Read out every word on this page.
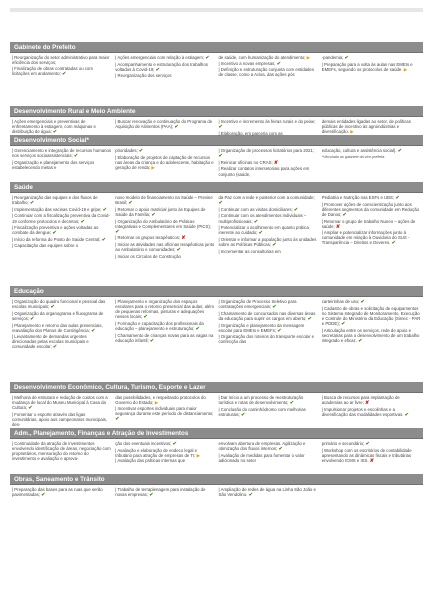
Gabinete do Prefeito

| Reorganização do setor administrativo para maior eficiência dos serviços;

| Finalização de obras contratadas ou com licitações em andamento; ✔

| Ações emergenciais com relação à estiagem; ✔

| Acompanhamento e estruturação dos trabalhos voltados à Covid-19; ✔

| Reorganização dos serviços

de saúde, com humanização do atendimento; ▶

| Incentivo a novas empresas; ✔

| Definição e estruturação conjunta com entidades de classe, como a Acisa, das ações pós

-pandemia; ✔

| Preparação para a volta às aulas nas EMEIs e EMEFs, seguindo os protocolos de saúde. ▶

Desenvolvimento Rural e Meio Ambiente

| Ações emergenciais e preventivas de enfrentamento à estiagem, com máquinas e distribuição de água; ✔

| Buscar renovação e continuação do Programa de Aquisição de Alimentos (PAA); ✔

| Incentivo e incremento às feiras rurais e do peixe; ✔

| Elaboração, em parceria com as

demais entidades ligadas ao setor, de políticas públicas de incentivo às agroindústrias e diversificação. ▶

Desenvolvimento Social*

| Gerenciamento e integração de recursos humanos nos serviços socioassistenciais; ✔

| Organização e planejamento dos serviços estabelecendo metas e

prioridades; ✔

| Elaboração de projetos de captação de recursos nas áreas da criança e do adolescente, habitação e geração de renda; ▶

| Organização de processos licitatórios para 2021; ✔

| Reinicar oficinas no CRAS; ✘

| Realizar contatos intersetoriais para ações em conjunto (saúde,

educação, cultura e assistência social). ✔

*Vinculada ao gabinete da vice-prefeita.

Saúde

| Reorganização das equipes e dos fluxos de trabalho; ✔

| Implementação das vacinas Covid-19 e gripe; ✔

| Continuar com a fiscalização preventiva da Covid-19 conforme protocolos e decretos; ✔

| Fiscalização preventiva e ações voltadas ao combate da dengue; ✔

| Início da reforma do Posto de Saúde Central; ✔

| Capacitação das equipes sobre o

novo modelo de financiamento na Saúde – Previne Brasil; ✔

| Retomar o apoio matricial junto às Equipes de Saúde da Família; ✔

| Organização do Ambulatório de Práticas Integrativas e Complementares em Saúde (PICS); ✔

| Retornar os grupos terapêuticos; ✘

| Iniciar as atividades nas oficinas terapêuticas junto ao Ambulatório e comunidades; ✔

| Iniciar os Círculos de Construção

da Paz com a rede e posterior com a comunidade; ✔

| Continuar com as visitas domiciliares; ✔

| Continuar com os atendimentos individuais – multiprofissionais; ✔

| Potencializar o acolhimento em quanto prática inerente ao cuidado; ✔

| Orientar e informar a população junto às unidades sobre as Políticas Públicas; ✔

| Incrementar as consultorias em

Pediatria e Nutrição nas ESFs e UBS; ✔

| Promover ações de conscientização junto aos diferentes segmentos da comunidade em Redução de Danos; ✔

| Retornar o grupo de trabalho Nuneo – ações de saúde; ✘

| Ampliar e potencializar informações junto à comunidade em relação à Ouvidoria do SUS - Transparência – Direitos e Deveres. ✔

Educação

| Organização do quadro funcional e pessoal das escolas municipais; ✔

| Organização da organograma e fluxograma de serviços; ✔

| Planejamento e retorno das aulas presenciais, reavaliação dos Planos de Contingência; ✔

| Levantamento de demandas urgentes direcionadas pelas escolas municipais e comunidade escolar; ✔

| Planejamento e organização dos espaços escolares para o retorno presencial das aulas; além de pequenas reformas, pinturas e adequações nesses locais; ✔

| Formação e capacitação dos profissionais da educação – planejamento e estruturação; ✔

| Chamamento de crianças novas para as vagas na educação infantil; ✔

| Organização de Processo Seletivo para contratações emergenciais; ✔

| Chamamento de concursados nas diversas áreas da educação para suprir os cargos em aberto; ✔

| Organização e planejamento da mensagem escolar para EMEIs e EMEFs; ✔

| Organização dos roteiros do transporte escolar e confecção das

carteirinhas de uso; ✔

| Cadastro de obras e solicitação de equipamentos no Sistema Integrado de Monitoramento, Execução e Controle do Ministério da Educação (Simec - PAR e PDDE); ✔

| Articulação entre os serviços, rede de apoio e secretarias para o desenvolvimento de um trabalho integrado e eficaz. ✔

Desenvolvimento Econômico, Cultura, Turismo, Esporte e Lazer

| Melhoria de estrutura e redução de custos com a mudança de local do Museu Municipal à Casa da Cultura; ✔

| Fomentar o esporte através das ligas comunitárias, apoio aos campeonatos municipais, des-

das possibilidades, e respeitando protocolos do Governo do Estado; ▶

| Incentivar esportes individuais para maior segurança durante este período de distanciamento; ✔

| Dar início a um processo de reestruturação turística e rotas de desenvolvimento; ✔

| Conclusão do caminhódromo com melhorias estruturais; ✔

| Busca de recursos para implantação de academias ao ar livre; ✘

| Impulsionar projetos e escolinhas e a diversificação das modalidades esportivas. ✔

Adm., Planejamento, Finanças e Atração de Investimentos

| Continuidade da atração de investimentos envolvendo identificação de áreas, negociação com proprietários, mensuração do retorno do investimento e avaliação e aprova-

ção dos eventuais incentivos; ✔

| Avaliação e elaboração de endeco legal e tributário para atração de empresas de TI; ▶

| Avaliação das práticas internas que

envolvam abertura de empresas. Agilização e otimização dos fluxos internos; ✔

| Avaliação de medidas para fomentar o valor adicionado no setor

primário e secundário; ✔

| Workshop com os escritórios de contabilidade apresentando as dinâmicas fiscais e tributárias envolvendo ICMS e ISS. ✘

Obras, Saneamento e Trânsito

| Preparação das bases para as ruas que serão pavimentadas; ✔

| Trabalho de terraplenagem para instalação de novas empresas; ✔

| Ampliação de redes de água na Linha São João e São Vendolino. ✔
